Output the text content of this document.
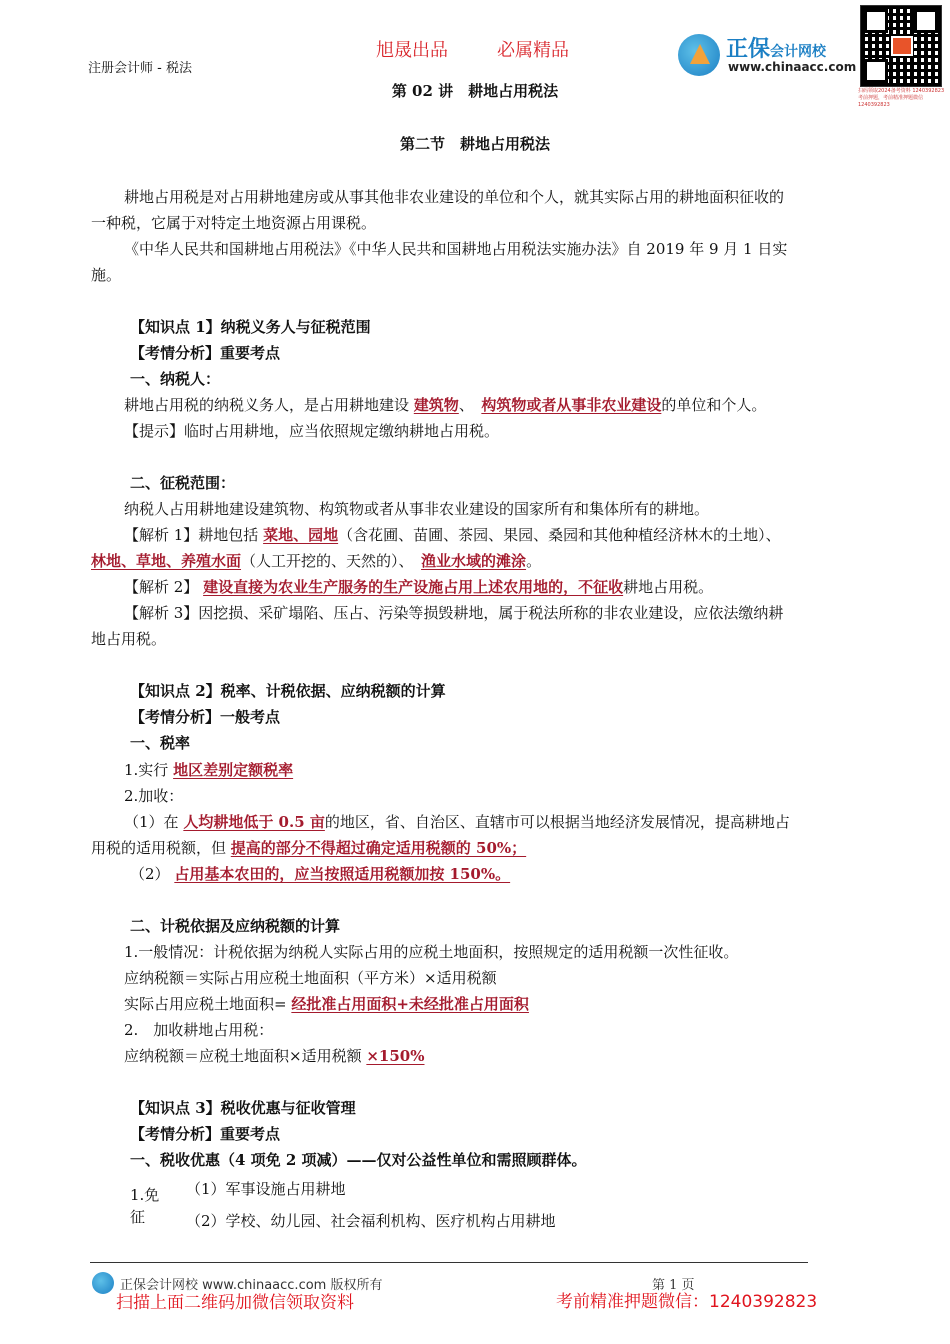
注册会计师 - 税法
旭晟出品	必属精品	正保会计网校
www.chinaacc.com
扫码领取2024备考资料 1240392823 考前押题，考前精准押题微信 1240392823
第 02 讲　耕地占用税法
第二节　耕地占用税法
耕地占用税是对占用耕地建房或从事其他非农业建设的单位和个人，就其实际占用的耕地面积征收的
一种税，它属于对特定土地资源占用课税。
《中华人民共和国耕地占用税法》《中华人民共和国耕地占用税法实施办法》自 2019 年 9 月 1 日实
施。
【知识点 1】纳税义务人与征税范围
【考情分析】重要考点
一、纳税人：
耕地占用税的纳税义务人，是占用耕地建设 建筑物、　 构筑物或者从事非农业建设的单位和个人。
【提示】临时占用耕地，应当依照规定缴纳耕地占用税。
二、征税范围：
纳税人占用耕地建设建筑物、构筑物或者从事非农业建设的国家所有和集体所有的耕地。
【解析 1】耕地包括 菜地、园地（含花圃、苗圃、茶园、果园、桑园和其他种植经济林木的土地）、
林地、草地、养殖水面（人工开挖的、天然的）、　 渔业水域的滩涂。
【解析 2】 建设直接为农业生产服务的生产设施占用上述农用地的，不征收耕地占用税。
【解析 3】因挖损、采矿塌陷、压占、污染等损毁耕地，属于税法所称的非农业建设，应依法缴纳耕
地占用税。
【知识点 2】税率、计税依据、应纳税额的计算
【考情分析】一般考点
一、税率
1.实行 地区差别定额税率
2.加收：
（1）在 人均耕地低于 0.5 亩的地区，省、自治区、直辖市可以根据当地经济发展情况，提高耕地占
用税的适用税额，但 提高的部分不得超过确定适用税额的 50%；
（2） 占用基本农田的，应当按照适用税额加按 150%。
二、计税依据及应纳税额的计算
1.一般情况：计税依据为纳税人实际占用的应税土地面积，按照规定的适用税额一次性征收。
应纳税额＝实际占用应税土地面积（平方米）×适用税额
实际占用应税土地面积= 经批准占用面积+未经批准占用面积
2.　加收耕地占用税：
应纳税额＝应税土地面积×适用税额 ×150%
【知识点 3】税收优惠与征收管理
【考情分析】重要考点
一、税收优惠（4 项免 2 项减）——仅对公益性单位和需照顾群体。
1.免
征
（1）军事设施占用耕地
（2）学校、幼儿园、社会福利机构、医疗机构占用耕地
正保会计网校 www.chinaacc.com 版权所有	第 1 页
扫描上面二维码加微信领取资料	考前精准押题微信：1240392823
